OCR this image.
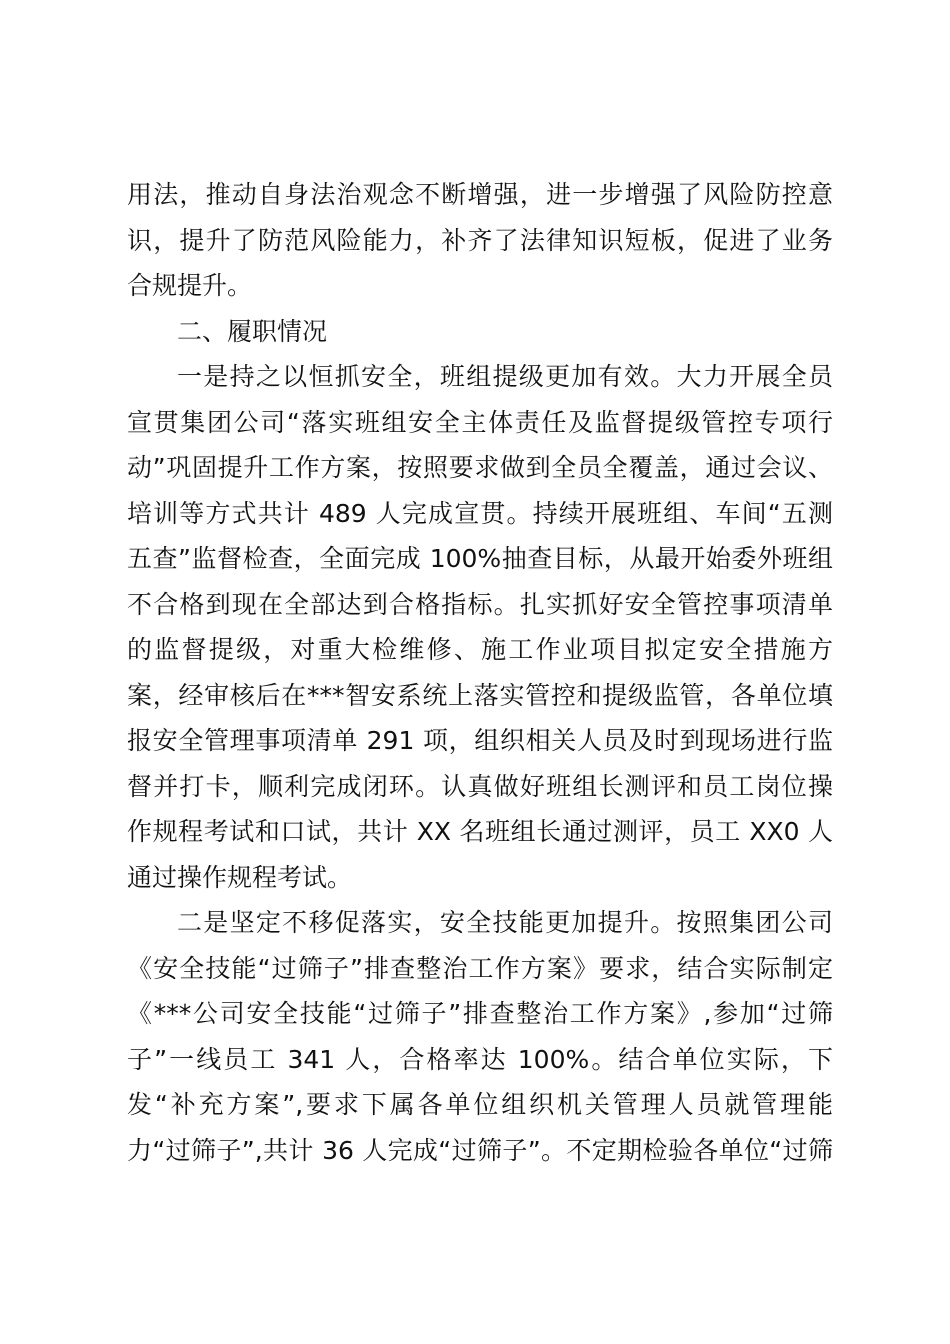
用法，推动自身法治观念不断增强，进一步增强了风险防控意
识，提升了防范风险能力，补齐了法律知识短板，促进了业务
合规提升。
二、履职情况
一是持之以恒抓安全，班组提级更加有效。大力开展全员
宣贯集团公司“落实班组安全主体责任及监督提级管控专项行
动”巩固提升工作方案，按照要求做到全员全覆盖，通过会议、
培训等方式共计 489 人完成宣贯。持续开展班组、车间“五测
五查”监督检查，全面完成 100%抽查目标，从最开始委外班组
不合格到现在全部达到合格指标。扎实抓好安全管控事项清单
的监督提级，对重大检维修、施工作业项目拟定安全措施方
案，经审核后在***智安系统上落实管控和提级监管，各单位填
报安全管理事项清单 291 项，组织相关人员及时到现场进行监
督并打卡，顺利完成闭环。认真做好班组长测评和员工岗位操
作规程考试和口试，共计 XX 名班组长通过测评，员工 XX0 人
通过操作规程考试。
二是坚定不移促落实，安全技能更加提升。按照集团公司
《安全技能“过筛子”排查整治工作方案》要求，结合实际制定
《***公司安全技能“过筛子”排查整治工作方案》,参加“过筛
子”一线员工 341 人，合格率达 100%。结合单位实际，下
发“补充方案”,要求下属各单位组织机关管理人员就管理能
力“过筛子”,共计 36 人完成“过筛子”。不定期检验各单位“过筛
